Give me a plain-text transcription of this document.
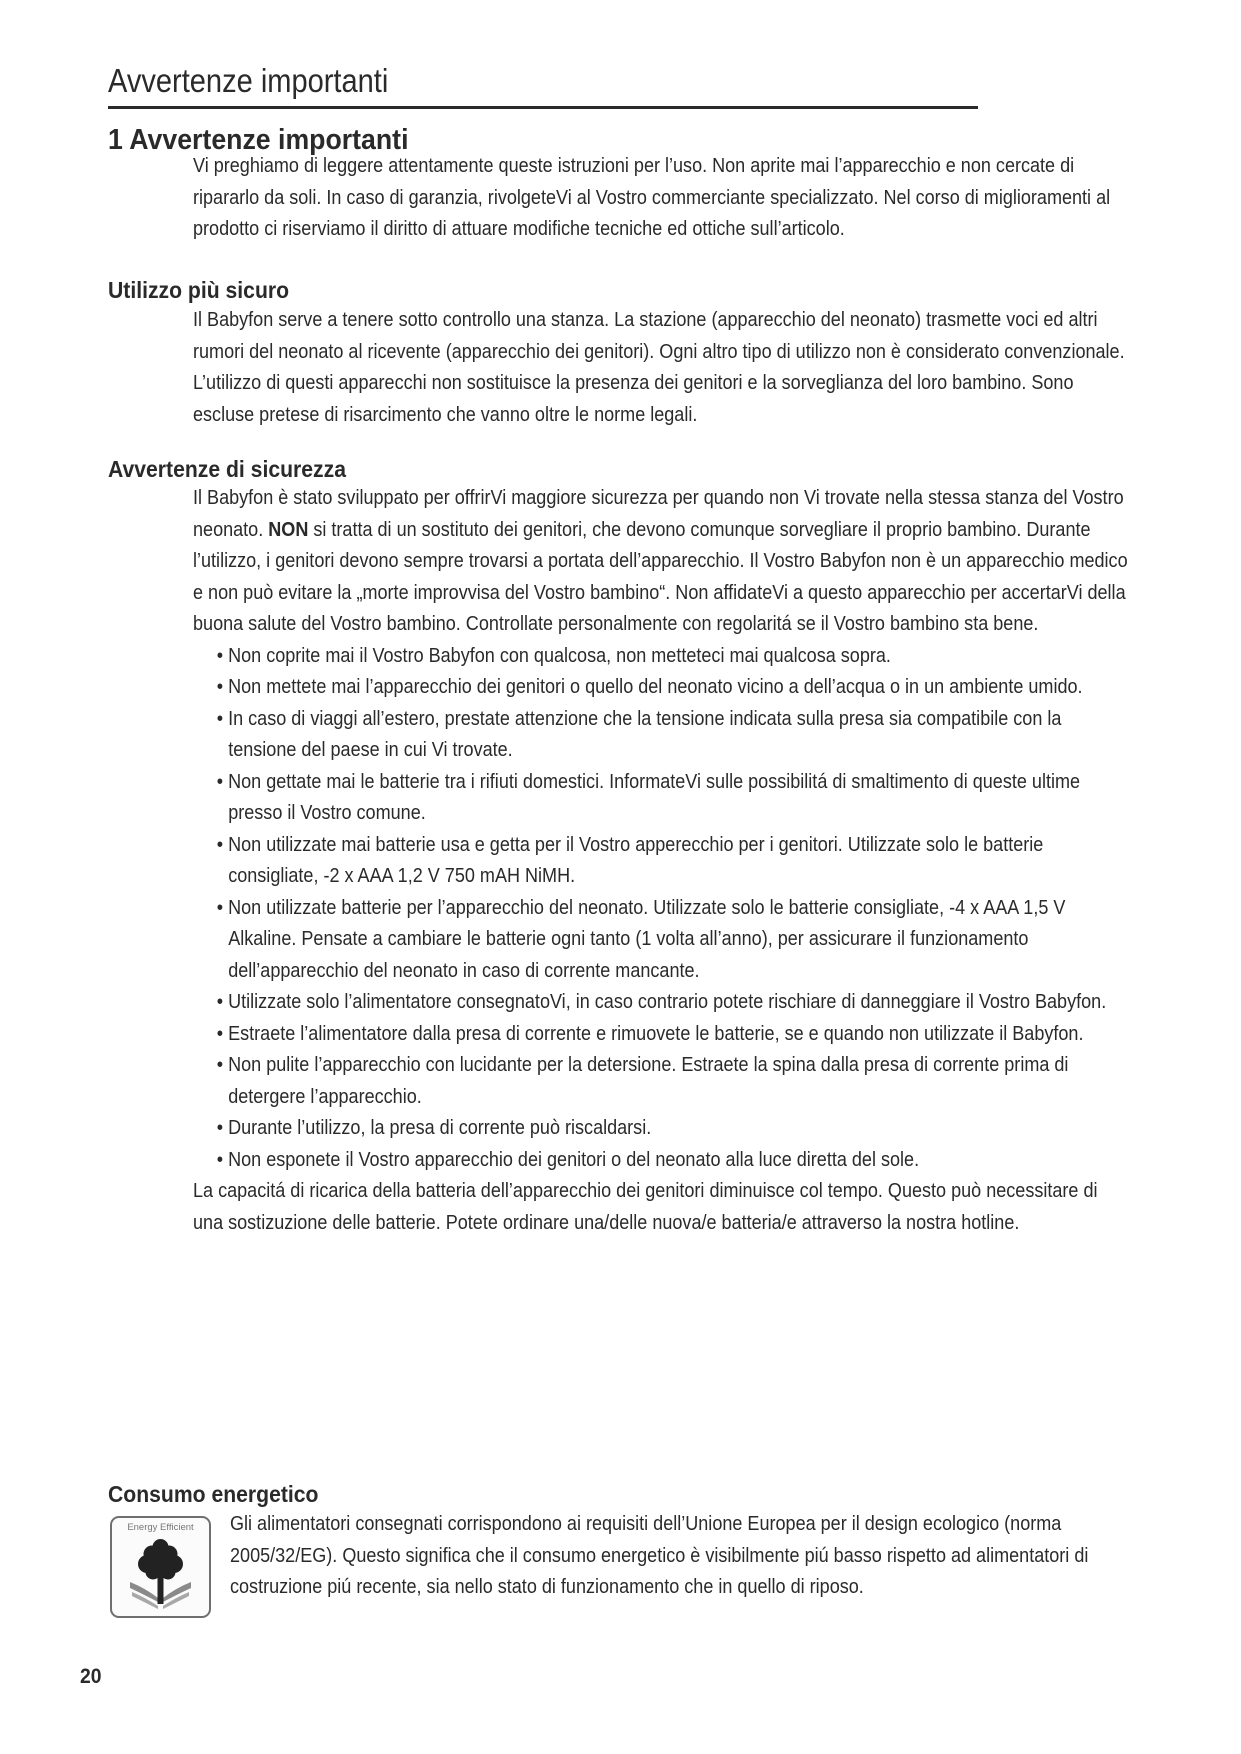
Avvertenze importanti
1 Avvertenze importanti
Vi preghiamo di leggere attentamente queste istruzioni per l’uso. Non aprite mai l’apparecchio e non cercate di ripararlo da soli. In caso di garanzia, rivolgeteVi al Vostro commerciante specializzato. Nel corso di miglioramenti al prodotto ci riserviamo il diritto di attuare modifiche tecniche ed ottiche sull’articolo.
Utilizzo più sicuro
Il Babyfon serve a tenere sotto controllo una stanza. La stazione (apparecchio del neonato) trasmette voci ed altri rumori del neonato al ricevente (apparecchio dei genitori). Ogni altro tipo di utilizzo non è considerato convenzionale. L’utilizzo di questi apparecchi non sostituisce la presenza dei genitori e la sorveglianza del loro bambino. Sono escluse pretese di risarcimento che vanno oltre le norme legali.
Avvertenze di sicurezza

Il Babyfon è stato sviluppato per offrirVi maggiore sicurezza per quando non Vi trovate nella stessa stanza del Vostro neonato. NON si tratta di un sostituto dei genitori, che devono comunque sorvegliare il proprio bambino. Durante l’utilizzo, i genitori devono sempre trovarsi a portata dell’apparecchio. Il Vostro Babyfon non è un apparecchio medico e non può evitare la „morte improvvisa del Vostro bambino“. Non affidateVi a questo apparecchio per accertarVi della buona salute del Vostro bambino. Controllate personalmente con regolaritá se il Vostro bambino sta bene.

• Non coprite mai il Vostro Babyfon con qualcosa, non metteteci mai qualcosa sopra.
• Non mettete mai l’apparecchio dei genitori o quello del neonato vicino a dell’acqua o in un ambiente umido.
• In caso di viaggi all’estero, prestate attenzione che la tensione indicata sulla presa sia compatibile con la tensione del paese in cui Vi trovate.
• Non gettate mai le batterie tra i rifiuti domestici. InformateVi sulle possibilitá di smaltimento di queste ultime presso il Vostro comune.
• Non utilizzate mai batterie usa e getta per il Vostro apperecchio per i genitori. Utilizzate solo le batterie consigliate, -2 x AAA 1,2 V 750 mAH NiMH.
• Non utilizzate batterie per l’apparecchio del neonato. Utilizzate solo le batterie consigliate, -4 x AAA 1,5 V Alkaline. Pensate a cambiare le batterie ogni tanto (1 volta all’anno), per assicurare il funzionamento dell’apparecchio del neonato in caso di corrente mancante.
• Utilizzate solo l’alimentatore consegnatoVi, in caso contrario potete rischiare di danneggiare il Vostro Babyfon.
• Estraete l’alimentatore dalla presa di corrente e rimuovete le batterie, se e quando non utilizzate il Babyfon.
• Non pulite l’apparecchio con lucidante per la detersione. Estraete la spina dalla presa di corrente prima di detergere l’apparecchio.
• Durante l’utilizzo, la presa di corrente può riscaldarsi.
• Non esponete il Vostro apparecchio dei genitori o del neonato alla luce diretta del sole.

La capacitá di ricarica della batteria dell’apparecchio dei genitori diminuisce col tempo. Questo può necessitare di una sostizuzione delle batterie. Potete ordinare una/delle nuova/e batteria/e attraverso la nostra hotline.

Consumo energetico
Energy Efficient	Gli alimentatori consegnati corrispondono ai requisiti dell’Unione Europea per il design ecologico (norma 2005/32/EG). Questo significa che il consumo energetico è visibilmente piú basso rispetto ad alimentatori di costruzione piú recente, sia nello stato di funzionamento che in quello di riposo.
20
